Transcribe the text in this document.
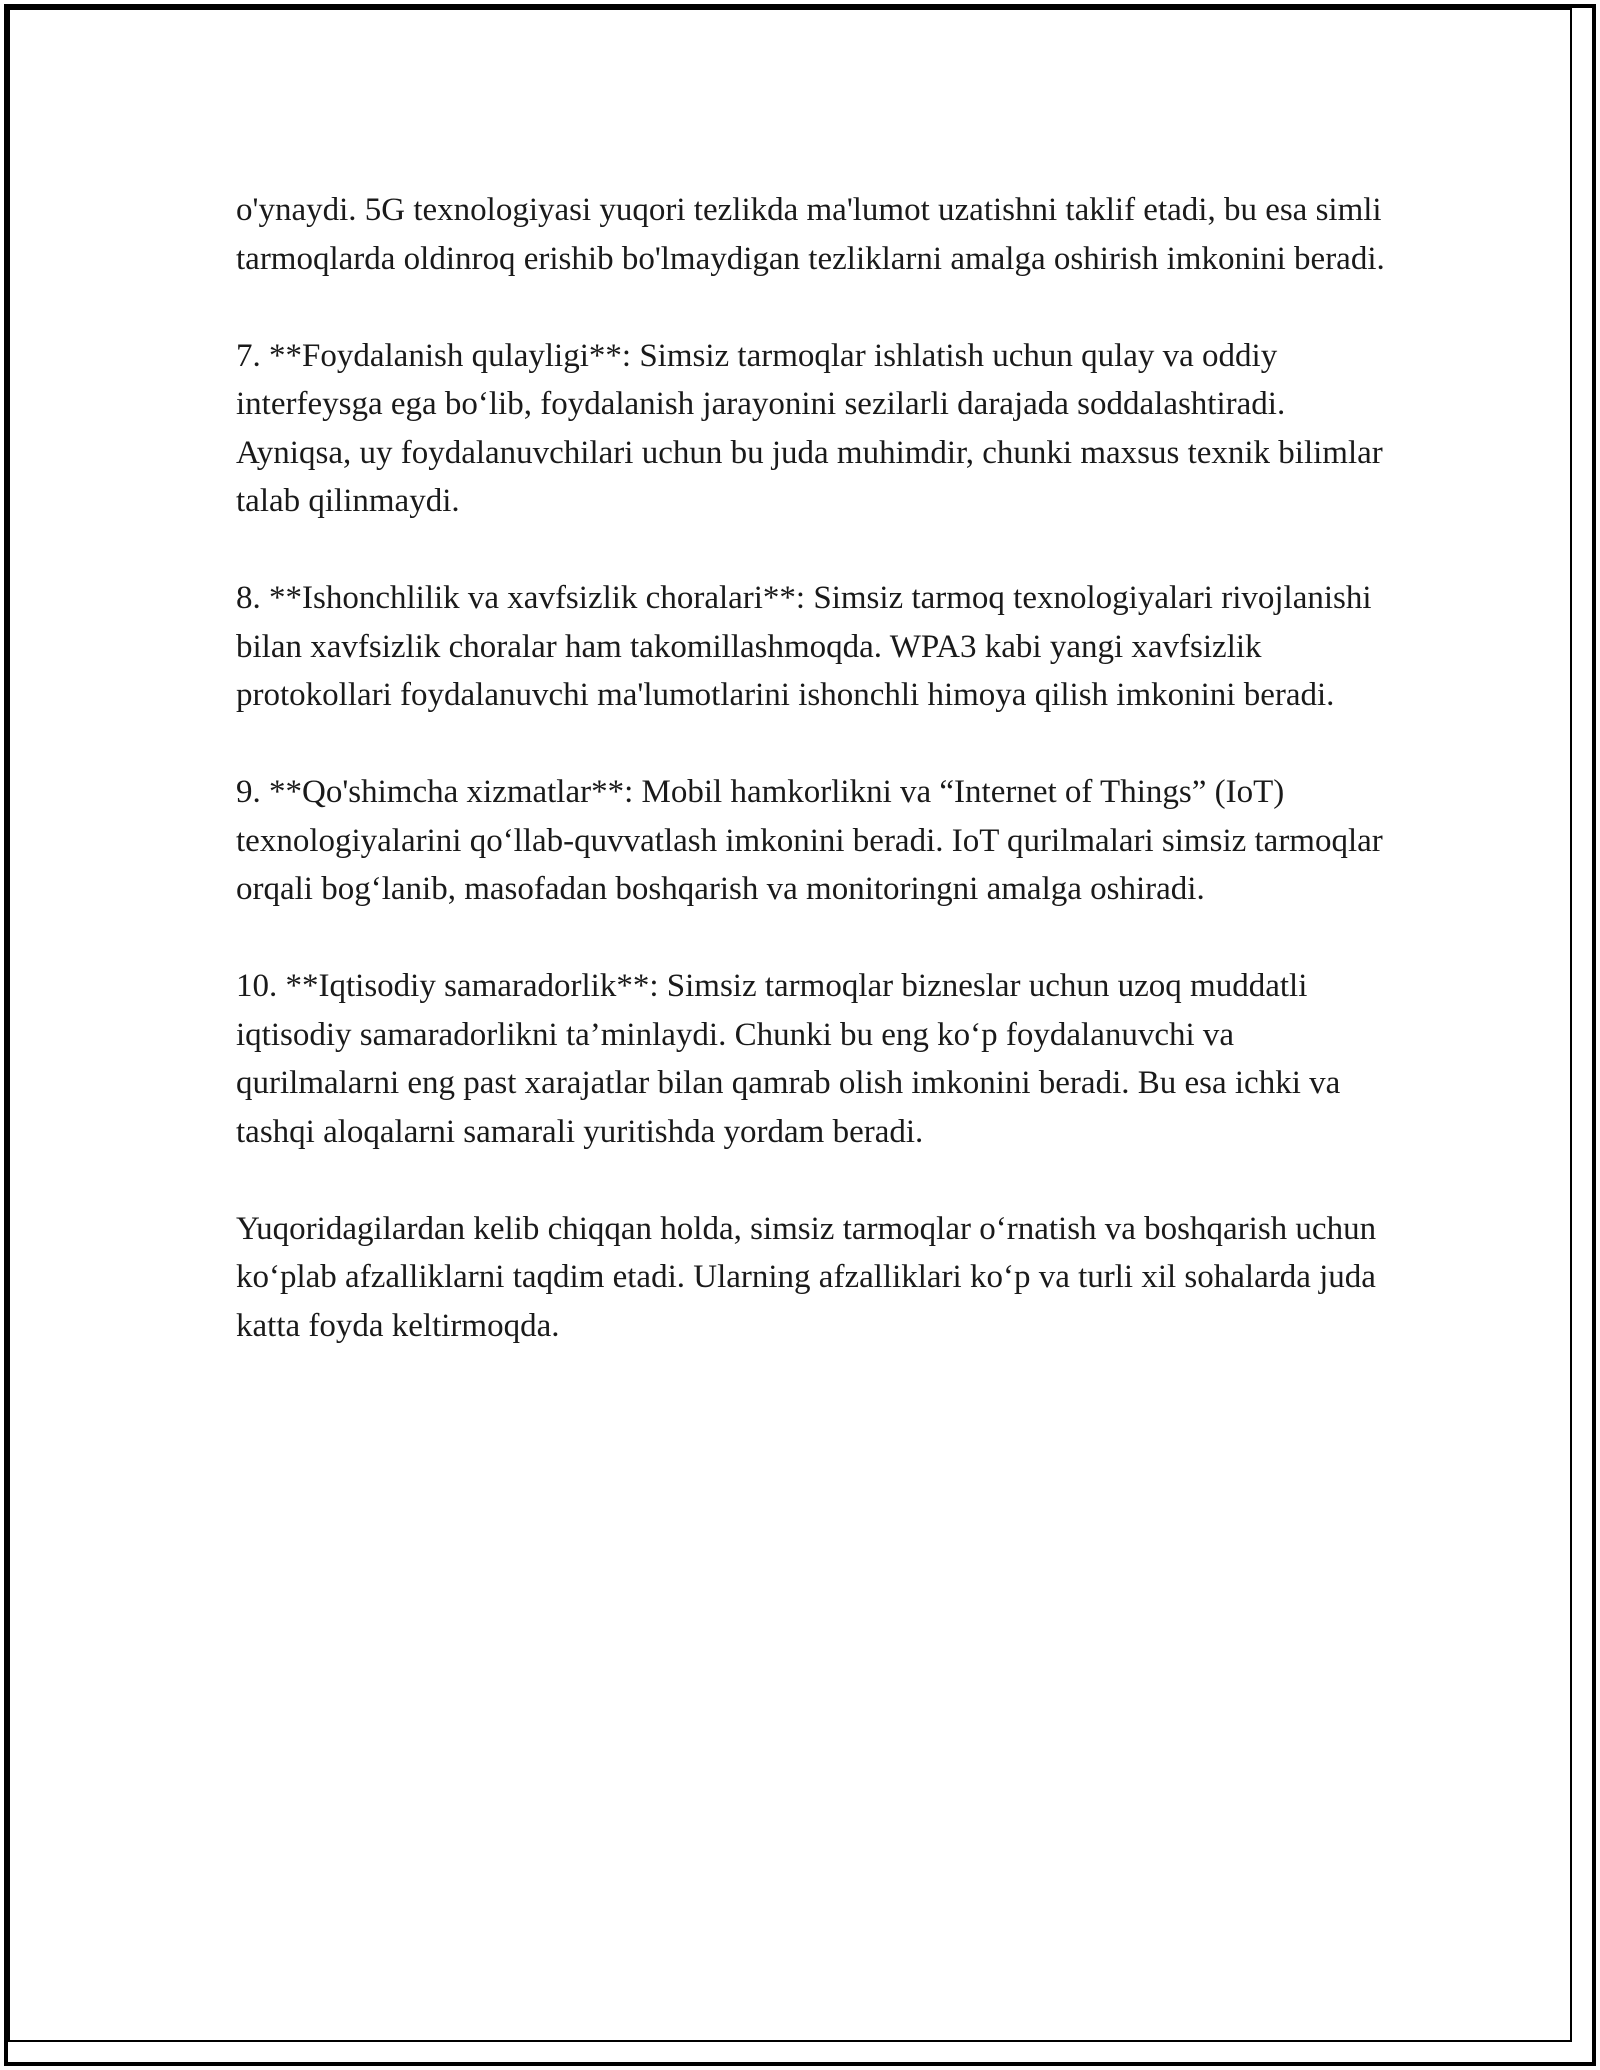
o'ynaydi. 5G texnologiyasi yuqori tezlikda ma'lumot uzatishni taklif etadi, bu esa simli tarmoqlarda oldinroq erishib bo'lmaydigan tezliklarni amalga oshirish imkonini beradi.

7. **Foydalanish qulayligi**: Simsiz tarmoqlar ishlatish uchun qulay va oddiy interfeysga ega bo‘lib, foydalanish jarayonini sezilarli darajada soddalashtiradi. Ayniqsa, uy foydalanuvchilari uchun bu juda muhimdir, chunki maxsus texnik bilimlar talab qilinmaydi.

8. **Ishonchlilik va xavfsizlik choralari**: Simsiz tarmoq texnologiyalari rivojlanishi bilan xavfsizlik choralar ham takomillashmoqda. WPA3 kabi yangi xavfsizlik protokollari foydalanuvchi ma'lumotlarini ishonchli himoya qilish imkonini beradi.

9. **Qo'shimcha xizmatlar**: Mobil hamkorlikni va “Internet of Things” (IoT) texnologiyalarini qo‘llab-quvvatlash imkonini beradi. IoT qurilmalari simsiz tarmoqlar orqali bog‘lanib, masofadan boshqarish va monitoringni amalga oshiradi.

10. **Iqtisodiy samaradorlik**: Simsiz tarmoqlar bizneslar uchun uzoq muddatli iqtisodiy samaradorlikni ta’minlaydi. Chunki bu eng ko‘p foydalanuvchi va qurilmalarni eng past xarajatlar bilan qamrab olish imkonini beradi. Bu esa ichki va tashqi aloqalarni samarali yuritishda yordam beradi.

Yuqoridagilardan kelib chiqqan holda, simsiz tarmoqlar o‘rnatish va boshqarish uchun ko‘plab afzalliklarni taqdim etadi. Ularning afzalliklari ko‘p va turli xil sohalarda juda katta foyda keltirmoqda.
